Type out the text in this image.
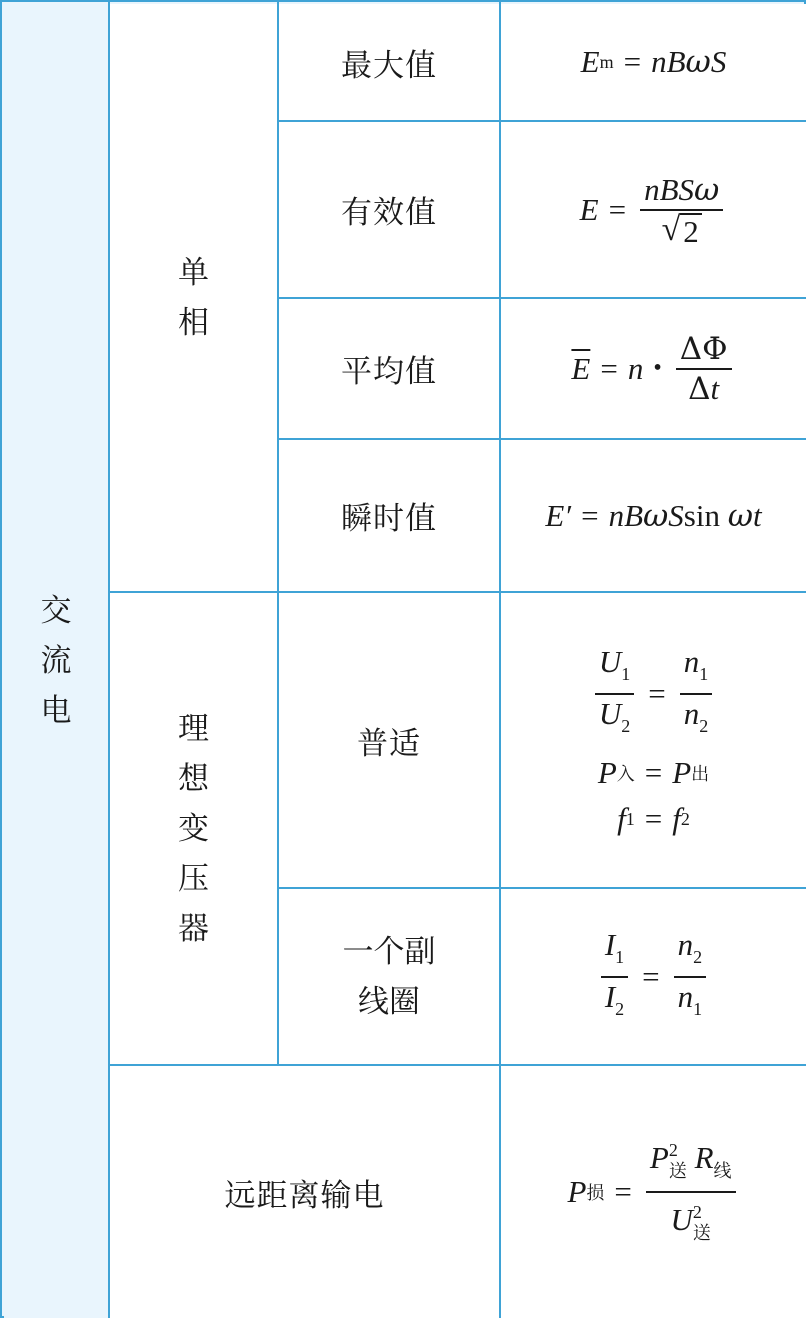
交
流
电
单
相
理
想
变
压
器
远距离输电
最大值
有效值
平均值
瞬时值
普适
一个副
线圈
E m = n B ω S
$E = \frac{\text{nBSω}}{√ 2}$
$\overline{E} = n$ • $\frac{\Delta\Phi}{\Delta t}$
E′ = nB ω S sin
ω t
$\frac{U_1}{U_2} = \frac{n_1}{n_2}$
P 入 = P 出
f 1 = f 2
$\frac{I_1}{I_2} = \frac{n_2}{n_1}$
P 损 = $\frac{P^2_送 R_线}{U^2_送}$
